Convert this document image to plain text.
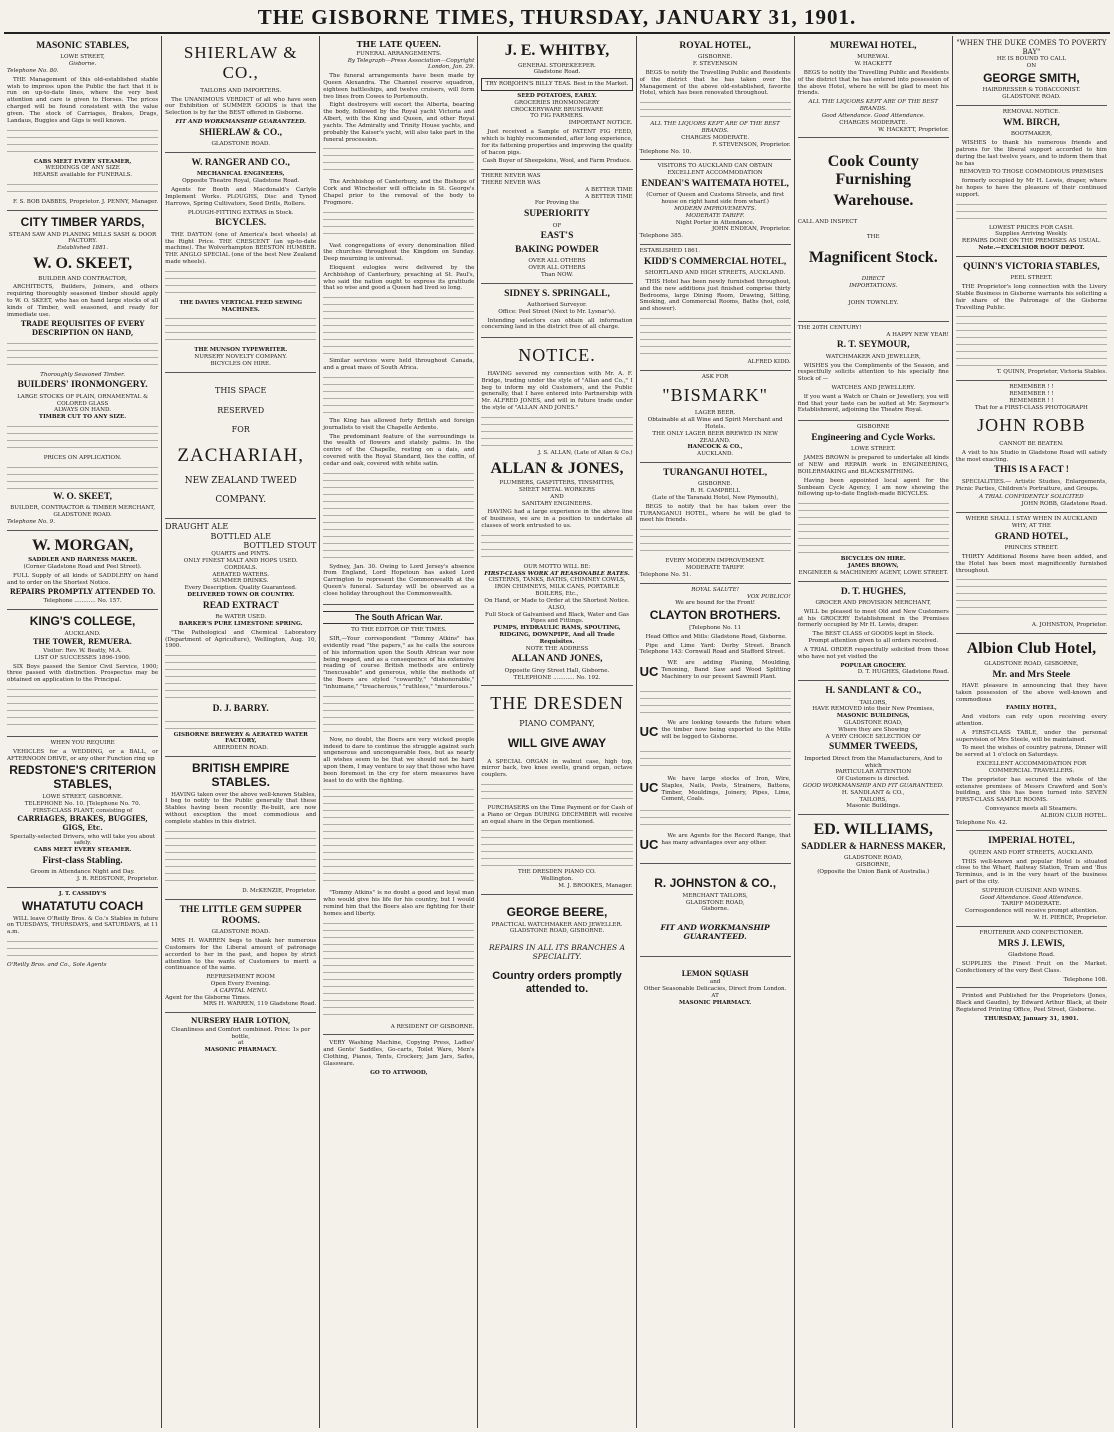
THE GISBORNE TIMES, THURSDAY, JANUARY 31, 1901.
MASONIC STABLES,
LOWE STREET,
Gisborne.
Telephone No. 80.

THE Management of this old-established stable wish to impress upon the Public the fact that it is run on up-to-date lines, where the very best attention and care is given to Horses. The prices charged will be found consistent with the value given. The stock of Carriages, Brakes, Drags, Landaus, Buggies and Gigs is well known.

CABS MEET EVERY STEAMER,
WEDDINGS OF ANY SIZE
HEARSE available for FUNERALS.
F. S. BOB DABBES, Proprietor. J. PENNY, Manager.
CITY TIMBER YARDS,
STEAM SAW AND PLANING MILLS SASH & DOOR FACTORY.
Established 1881.
W. O. SKEET,
BUILDER AND CONTRACTOR,

ARCHITECTS, Builders, Joiners, and others requiring thoroughly seasoned timber should apply to W. O. SKEET, who has on hand large stocks of all kinds of Timber, well seasoned, and ready for immediate use.

TRADE REQUISITES OF EVERY DESCRIPTION ON HAND,
Thoroughly Seasoned Timber.
BUILDERS' IRONMONGERY.
LARGE STOCKS OF PLAIN, ORNAMENTAL & COLORED GLASS
ALWAYS ON HAND.
TIMBER CUT TO ANY SIZE.
PRICES ON APPLICATION.
W. O. SKEET,
BUILDER, CONTRACTOR & TIMBER MERCHANT,
GLADSTONE ROAD.
Telephone No. 9.
W. MORGAN,
SADDLER AND HARNESS MAKER.
(Corner Gladstone Road and Peel Street).

FULL Supply of all kinds of SADDLERY on hand and to order on the Shortest Notice.

REPAIRS PROMPTLY ATTENDED TO.
Telephone ............ No. 157.
KING'S COLLEGE,
AUCKLAND.
THE TOWER, REMUERA.
Visitor: Rev. W. Beatty, M.A.
LIST OF SUCCESSES 1896-1900.

SIX Boys passed the Senior Civil Service, 1900; three passed with distinction. Prospectus may be obtained on application to the Principal.

WHEN YOU REQUIRE

VEHICLES for a WEDDING, or a BALL, or AFTERNOON DRIVE, or any other Function ring up

REDSTONE'S CRITERION STABLES,
LOWE STREET, GISBORNE.
TELEPHONE No. 10. [Telephone No. 70.
FIRST-CLASS PLANT, consisting of
CARRIAGES, BRAKES, BUGGIES, GIGS, Etc.
Specially-selected Drivers, who will take you about safely.
CABS MEET EVERY STEAMER.
First-class Stabling.
Groom in Attendance Night and Day.
J. R. REDSTONE, Proprietor.
J. T. CASSIDY'S
WHATATUTU COACH

WILL leave O'Reilly Bros. & Co.'s Stables in future on TUESDAYS, THURSDAYS, and SATURDAYS, at 11 a.m.

O'Reilly Bros. and Co., Sole Agents
SHIERLAW & CO.,
TAILORS AND IMPORTERS.

The UNANIMOUS VERDICT of all who have seen our Exhibition of SUMMER GOODS is that the Selection is by far the BEST offered in Gisborne.

FIT AND WORKMANSHIP GUARANTEED.
SHIERLAW & CO.,
GLADSTONE ROAD.
W. RANGER AND CO.,
MECHANICAL ENGINEERS,
Opposite Theatre Royal, Gladstone Road.

Agents for Booth and Macdonald's Carlyle Implement Works. PLOUGHS, Disc and Tynod Harrows, Spring Cultivators, Seed Drills, Rollers.

PLOUGH-FITTING EXTRAS in Stock.
BICYCLES.

THE DAYTON (one of America's best wheels) at the Right Price. THE CRESCENT (an up-to-date machine). The Wolverhampton BEESTON HUMBER. THE ANGLO SPECIAL (one of the best New Zealand made wheels).

THE DAVIES VERTICAL FEED SEWING MACHINES.
THE MUNSON TYPEWRITER.
NURSERY NOVELTY COMPANY.
BICYCLES ON HIRE.
THIS SPACE
RESERVED
FOR
ZACHARIAH,
NEW ZEALAND TWEED
COMPANY.
DRAUGHT ALE
BOTTLED ALE
BOTTLED STOUT
QUARTS and PINTS.
ONLY FINEST MALT AND HOPS USED.
CORDIALS.
AERATED WATERS.
SUMMER DRINKS.
Every Description. Quality Guaranteed.
DELIVERED TOWN OR COUNTRY.
READ EXTRACT
Re WATER USED.
BARKER'S PURE LIMESTONE SPRING.

"The Pathological and Chemical Laboratory (Department of Agriculture), Wellington, Aug. 10, 1900.

D. J. BARRY.
GISBORNE BREWERY & AERATED WATER FACTORY,
ABERDEEN ROAD.
BRITISH EMPIRE STABLES.

HAVING taken over the above well-known Stables, I beg to notify to the Public generally that these Stables having been recently Re-built, are now without exception the most commodious and complete stables in this district.

D. McKENZIE, Proprietor.
THE LITTLE GEM SUPPER ROOMS.
GLADSTONE ROAD.

MRS H. WARREN begs to thank her numerous Customers for the Liberal amount of patronage accorded to her in the past, and hopes by strict attention to the wants of Customers to merit a continuance of the same.

REFRESHMENT ROOM
Open Every Evening.
A CAPITAL MENU.
Agent for the Gisborne Times.
MRS H. WARREN, 119 Gladstone Road.
NURSERY HAIR LOTION,
Cleanliness and Comfort combined. Price: 1s per bottle,
at
MASONIC PHARMACY.
THE LATE QUEEN.
FUNERAL ARRANGEMENTS.
By Telegraph—Press Association—Copyright London, Jan. 29.

The funeral arrangements have been made by Queen Alexandra. The Channel reserve squadron, eighteen battleships, and twelve cruisers, will form two lines from Cowes to Portsmouth.

Eight destroyers will escort the Alberta, bearing the body, followed by the Royal yacht Victoria and Albert, with the King and Queen, and other Royal yachts. The Admiralty and Trinity House yachts, and probably the Kaiser's yacht, will also take part in the funeral procession.

The Archbishop of Canterbury, and the Bishops of Cork and Winchester will officiate in St. George's Chapel prior to the removal of the body to Frogmore.

Vast congregations of every denomination filled the churches throughout the Kingdom on Sunday. Deep mourning is universal.

Eloquent eulogies were delivered by the Archbishop of Canterbury, preaching at St. Paul's, who said the nation ought to express its gratitude that so wise and good a Queen had lived so long.

Similar services were held throughout Canada, and a great mass of South Africa.

The King has allowed forty British and foreign journalists to visit the Chapelle Ardente.

The predominant feature of the surroundings is the wealth of flowers and stately palms. In the centre of the Chapelle, resting on a dais, and covered with the Royal Standard, lies the coffin, of cedar and oak, covered with white satin.

Sydney, Jan. 30. Owing to Lord Jersey's absence from England, Lord Hopetoun has asked Lord Carrington to represent the Commonwealth at the Queen's funeral. Saturday will be observed as a close holiday throughout the Commonwealth.

The South African War.
TO THE EDITOR OF THE TIMES.

SIR,—Your correspondent "Tommy Atkins" has evidently read "the papers," as he calls the sources of his information upon the South African war now being waged, and as a consequence of his extensive reading of course British methods are entirely "inexcusable" and generous, while the methods of the Boers are styled "cowardly," "dishonorable," "inhumane," "treacherous," "ruthless," "murderous."

Now, no doubt, the Boers are very wicked people indeed to dare to continue the struggle against such ungenerous and unconquerable foes, but as nearly all wishes seem to be that we should not be hard upon them, I may venture to say that those who have been foremost in the cry for stern measures have least to do with the fighting.

"Tommy Atkins" is no doubt a good and loyal man who would give his life for his country, but I would remind him that the Boers also are fighting for their homes and liberty.

A RESIDENT OF GISBORNE.

VERY Washing Machine, Copying Press, Ladies' and Gents' Saddles, Go-carts, Toilet Ware, Men's Clothing, Pianos, Tents, Crockery, Jam Jars, Safes, Glassware.

GO TO ATTWOOD,
J. E. WHITBY,
GENERAL STOREKEEPER.
Gladstone Road.
TRY ROBJOHN'S BILLY TEAS. Best in the Market.
SEED POTATOES, EARLY.
GROCERIES IRONMONGERY
CROCKERYWARE BRUSHWARE
TO FIG FARMERS.
IMPORTANT NOTICE.

Just received a Sample of PATENT FIG FEED, which is highly recommended, after long experience, for its fattening properties and improving the quality of bacon pigs.

Cash Buyer of Sheepskins, Wool, and Farm Produce.
THERE NEVER WAS
THERE NEVER WAS
A BETTER TIME
A BETTER TIME
For Proving the
SUPERIORITY
OF
EAST'S
BAKING POWDER
OVER ALL OTHERS
OVER ALL OTHERS
Than NOW.
SIDNEY S. SPRINGALL,
Authorised Surveyor.
Office: Peel Street (Next to Mr. Lysnar's).

Intending selectors can obtain all information concerning land in the district free of all charge.

NOTICE.

HAVING severed my connection with Mr. A. F. Bridge, trading under the style of "Allan and Co.," I beg to inform my old Customers, and the Public generally, that I have entered into Partnership with Mr. ALFRED JONES, and will in future trade under the style of "ALLAN AND JONES."

J. S. ALLAN, (Late of Allan & Co.)
ALLAN & JONES,
PLUMBERS, GASFITTERS, TINSMITHS,
SHEET METAL WORKERS
AND
SANITARY ENGINEERS.

HAVING had a large experience in the above line of business, we are in a position to undertake all classes of work entrusted to us.

OUR MOTTO WILL BE:
FIRST-CLASS WORK AT REASONABLE RATES.
CISTERNS, TANKS, BATHS, CHIMNEY COWLS, IRON CHIMNEYS, MILK CANS, PORTABLE BOILERS, Etc.,
On Hand, or Made to Order at the Shortest Notice.
ALSO,
Full Stock of Galvanised and Black, Water and Gas Pipes and Fittings.
PUMPS, HYDRAULIC RAMS, SPOUTING, RIDGING, DOWNPIPE, And all Trade Requisites.
NOTE THE ADDRESS
ALLAN AND JONES,
Opposite Grey Street Hall, Gisborne.
TELEPHONE ............ No. 192.
THE DRESDEN
PIANO COMPANY,
WILL GIVE AWAY

A SPECIAL ORGAN in walnut case, high top, mirror back, two knee swells, grand organ, octave couplers.

PURCHASERS on the Time Payment or for Cash of a Piano or Organ DURING DECEMBER will receive an equal share in the Organ mentioned.

THE DRESDEN PIANO CO.
Wellington.
M. J. BROOKES, Manager.
GEORGE BEERE,
PRACTICAL WATCHMAKER AND JEWELLER.
GLADSTONE ROAD, GISBORNE.
REPAIRS IN ALL ITS BRANCHES A SPECIALITY.
Country orders promptly attended to.
ROYAL HOTEL,
GISBORNE.
F. STEVENSON

BEGS to notify the Travelling Public and Residents of the district that he has taken over the Management of the above old-established, favorite Hotel, which has been renovated throughout.

ALL THE LIQUORS KEPT ARE OF THE BEST BRANDS.
CHARGES MODERATE.
F. STEVENSON, Proprietor.
Telephone No. 10.
VISITORS TO AUCKLAND CAN OBTAIN EXCELLENT ACCOMMODATION
ENDEAN'S WAITEMATA HOTEL,
(Corner of Queen and Customs Streets, and first house on right hand side from wharf.)
MODERN IMPROVEMENTS.
MODERATE TARIFF.
Night Porter in Attendance.
JOHN ENDEAN, Proprietor.
Telephone 385.
ESTABLISHED 1861.
KIDD'S COMMERCIAL HOTEL,
SHORTLAND AND HIGH STREETS, AUCKLAND.

THIS Hotel has been newly furnished throughout, and the new additions just finished comprise thirty Bedrooms, large Dining Room, Drawing, Sitting, Smoking, and Commercial Rooms, Baths (hot, cold, and shower).

ALFRED KIDD.
ASK FOR
"BISMARK"
LAGER BEER.
Obtainable at all Wine and Spirit Merchant and Hotels.
THE ONLY LAGER BEER BREWED IN NEW ZEALAND.
HANCOCK & CO.,
AUCKLAND.
TURANGANUI HOTEL,
GISBORNE.
R. H. CAMPBELL
(Late of the Taranaki Hotel, New Plymouth),

BEGS to notify that he has taken over the TURANGANUI HOTEL, where he will be glad to meet his friends.

EVERY MODERN IMPROVEMENT.
MODERATE TARIFF.
Telephone No. 51.
ROYAL SALUTE!
VOX PUBLICO!
We are bound for the Front!
CLAYTON BROTHERS.
[Telephone No. 11

Head Office and Mills: Gladstone Road, Gisborne.

Pipe and Lime Yard: Derby Street. Branch Telephone 143: Cornwall Road and Stafford Street.

UC

WE are adding Planing, Moulding, Tenoning, Band Saw and Wood Splitting Machinery to our present Sawmill Plant.

UC

We are looking towards the future when the timber now being exported to the Mills will be logged to Gisborne.

UC

We have large stocks of Iron, Wire, Staples, Nails, Posts, Strainers, Battens, Timber, Mouldings, Joinery, Pipes, Lime, Cement, Coals.

UC

We are Agents for the Record Range, that has many advantages over any other.

R. JOHNSTON & CO.,
MERCHANT TAILORS,
GLADSTONE ROAD,
Gisborne.
FIT AND WORKMANSHIP GUARANTEED.
LEMON SQUASH
and
Other Seasonable Delicacies, Direct from London.
AT
MASONIC PHARMACY.
MUREWAI HOTEL,
MUREWAI.
W. HACKETT

BEGS to notify the Travelling Public and Residents of the district that he has entered into possession of the above Hotel, where he will be glad to meet his friends.

ALL THE LIQUORS KEPT ARE OF THE BEST BRANDS.
Good Attendance. Good Attendance.
CHARGES MODERATE.
W. HACKETT, Proprietor.
Cook County Furnishing
Warehouse.
CALL AND INSPECT
THE
Magnificent Stock.
DIRECT
IMPORTATIONS.
JOHN TOWNLEY.
THE 20TH CENTURY!
A HAPPY NEW YEAR!
R. T. SEYMOUR,
WATCHMAKER AND JEWELLER,

WISHES you the Compliments of the Season, and respectfully solicits attention to his specially fine Stock of —

WATCHES AND JEWELLERY.

If you want a Watch or Chain or Jewellery, you will find that your taste can be suited at Mr. Seymour's Establishment, adjoining the Theatre Royal.

GISBORNE
Engineering and Cycle Works.
LOWE STREET.

JAMES BROWN is prepared to undertake all kinds of NEW and REPAIR work in ENGINEERING, BOILERMAKING and BLACKSMITHING.

Having been appointed local agent for the Sunbeam Cycle Agency, I am now showing the following up-to-date English-made BICYCLES.

BICYCLES ON HIRE.
JAMES BROWN,
ENGINEER & MACHINERY AGENT, LOWE STREET.
D. T. HUGHES,
GROCER AND PROVISION MERCHANT,

WILL be pleased to meet Old and New Customers at his GROCERY Establishment in the Premises formerly occupied by Mr H. Lewis, draper.

The BEST CLASS of GOODS kept in Stock.
Prompt attention given to all orders received.

A TRIAL ORDER respectfully solicited from those who have not yet visited the

POPULAR GROCERY.
D. T. HUGHES, Gladstone Road.
H. SANDLANT & CO.,
TAILORS,
HAVE REMOVED into their New Premises,
MASONIC BUILDINGS,
GLADSTONE ROAD,
Where they are Showing
A VERY CHOICE SELECTION OF
SUMMER TWEEDS,
Imported Direct from the Manufacturers, And to which
PARTICULAR ATTENTION
Of Customers is directed.
GOOD WORKMANSHIP AND FIT GUARANTEED.
H. SANDLANT & CO.,
TAILORS,
Masonic Buildings.
ED. WILLIAMS,
SADDLER & HARNESS MAKER,
GLADSTONE ROAD,
GISBORNE,
(Opposite the Union Bank of Australia.)
"WHEN THE DUKE COMES TO POVERTY BAY"
HE IS BOUND TO CALL
ON
GEORGE SMITH,
HAIRDRESSER & TOBACCONIST.
GLADSTONE ROAD.
REMOVAL NOTICE.
WM. BIRCH,
BOOTMAKER,

WISHES to thank his numerous friends and patrons for the liberal support accorded to him during the last twelve years, and to inform them that he has

REMOVED TO THOSE COMMODIOUS PREMISES

formerly occupied by Mr H. Lewis, draper, where he hopes to have the pleasure of their continued support.

LOWEST PRICES FOR CASH.
Supplies Arriving Weekly.
REPAIRS DONE ON THE PREMISES AS USUAL.
Note.—EXCELSIOR BOOT DEPOT.
QUINN'S VICTORIA STABLES,
PEEL STREET.

THE Proprietor's long connection with the Livery Stable Business in Gisborne warrants his soliciting a fair share of the Patronage of the Gisborne Travelling Public.

T. QUINN, Proprietor, Victoria Stables.
REMEMBER ! !
REMEMBER ! !
REMEMBER ! !
That for a FIRST-CLASS PHOTOGRAPH
JOHN ROBB
CANNOT BE BEATEN.

A visit to his Studio in Gladstone Road will satisfy the most exacting.

THIS IS A FACT !

SPECIALITIES.— Artistic Studies, Enlargements, Picnic Parties, Children's Portraiture, and Groups.

A TRIAL CONFIDENTLY SOLICITED
JOHN ROBB, Gladstone Road.
WHERE SHALL I STAY WHEN IN AUCKLAND
WHY, AT THE
GRAND HOTEL,
PRINCES STREET.

THIRTY Additional Rooms have been added, and the Hotel has been most magnificently furnished throughout.

A. JOHNSTON, Proprietor.
Albion Club Hotel,
GLADSTONE ROAD, GISBORNE,
Mr. and Mrs Steele

HAVE pleasure in announcing that they have taken possession of the above well-known and commodious

FAMILY HOTEL,

And visitors can rely upon receiving every attention.

A FIRST-CLASS TABLE, under the personal supervision of Mrs Steele, will be maintained.

To meet the wishes of country patrons, Dinner will be served at 1 o'clock on Saturdays.

EXCELLENT ACCOMMODATION FOR COMMERCIAL TRAVELLERS.

The proprietor has secured the whole of the extensive premises of Messrs Crawford and Son's building, and this has been turned into SEVEN FIRST-CLASS SAMPLE ROOMS.

Conveyance meets all Steamers.
ALBION CLUB HOTEL.
Telephone No. 42.
IMPERIAL HOTEL,
QUEEN AND FORT STREETS, AUCKLAND.

THIS well-known and popular Hotel is situated close to the Wharf, Railway Station, Tram and 'Bus Terminus, and is in the very heart of the business part of the city.

SUPERIOR CUISINE AND WINES.
Good Attendance. Good Attendance.
TARIFF MODERATE.
Correspondence will receive prompt attention.
W. H. PIERCE, Proprietor.
FRUITERER AND CONFECTIONER.
MRS J. LEWIS,
Gladstone Road.

SUPPLIES the Finest Fruit on the Market. Confectionery of the very Best Class.

Telephone 108.

Printed and Published for the Proprietors (Jones, Black and Gaudin), by Edward Arthur Black, at their Registered Printing Office, Peel Street, Gisborne.

THURSDAY, January 31, 1901.
